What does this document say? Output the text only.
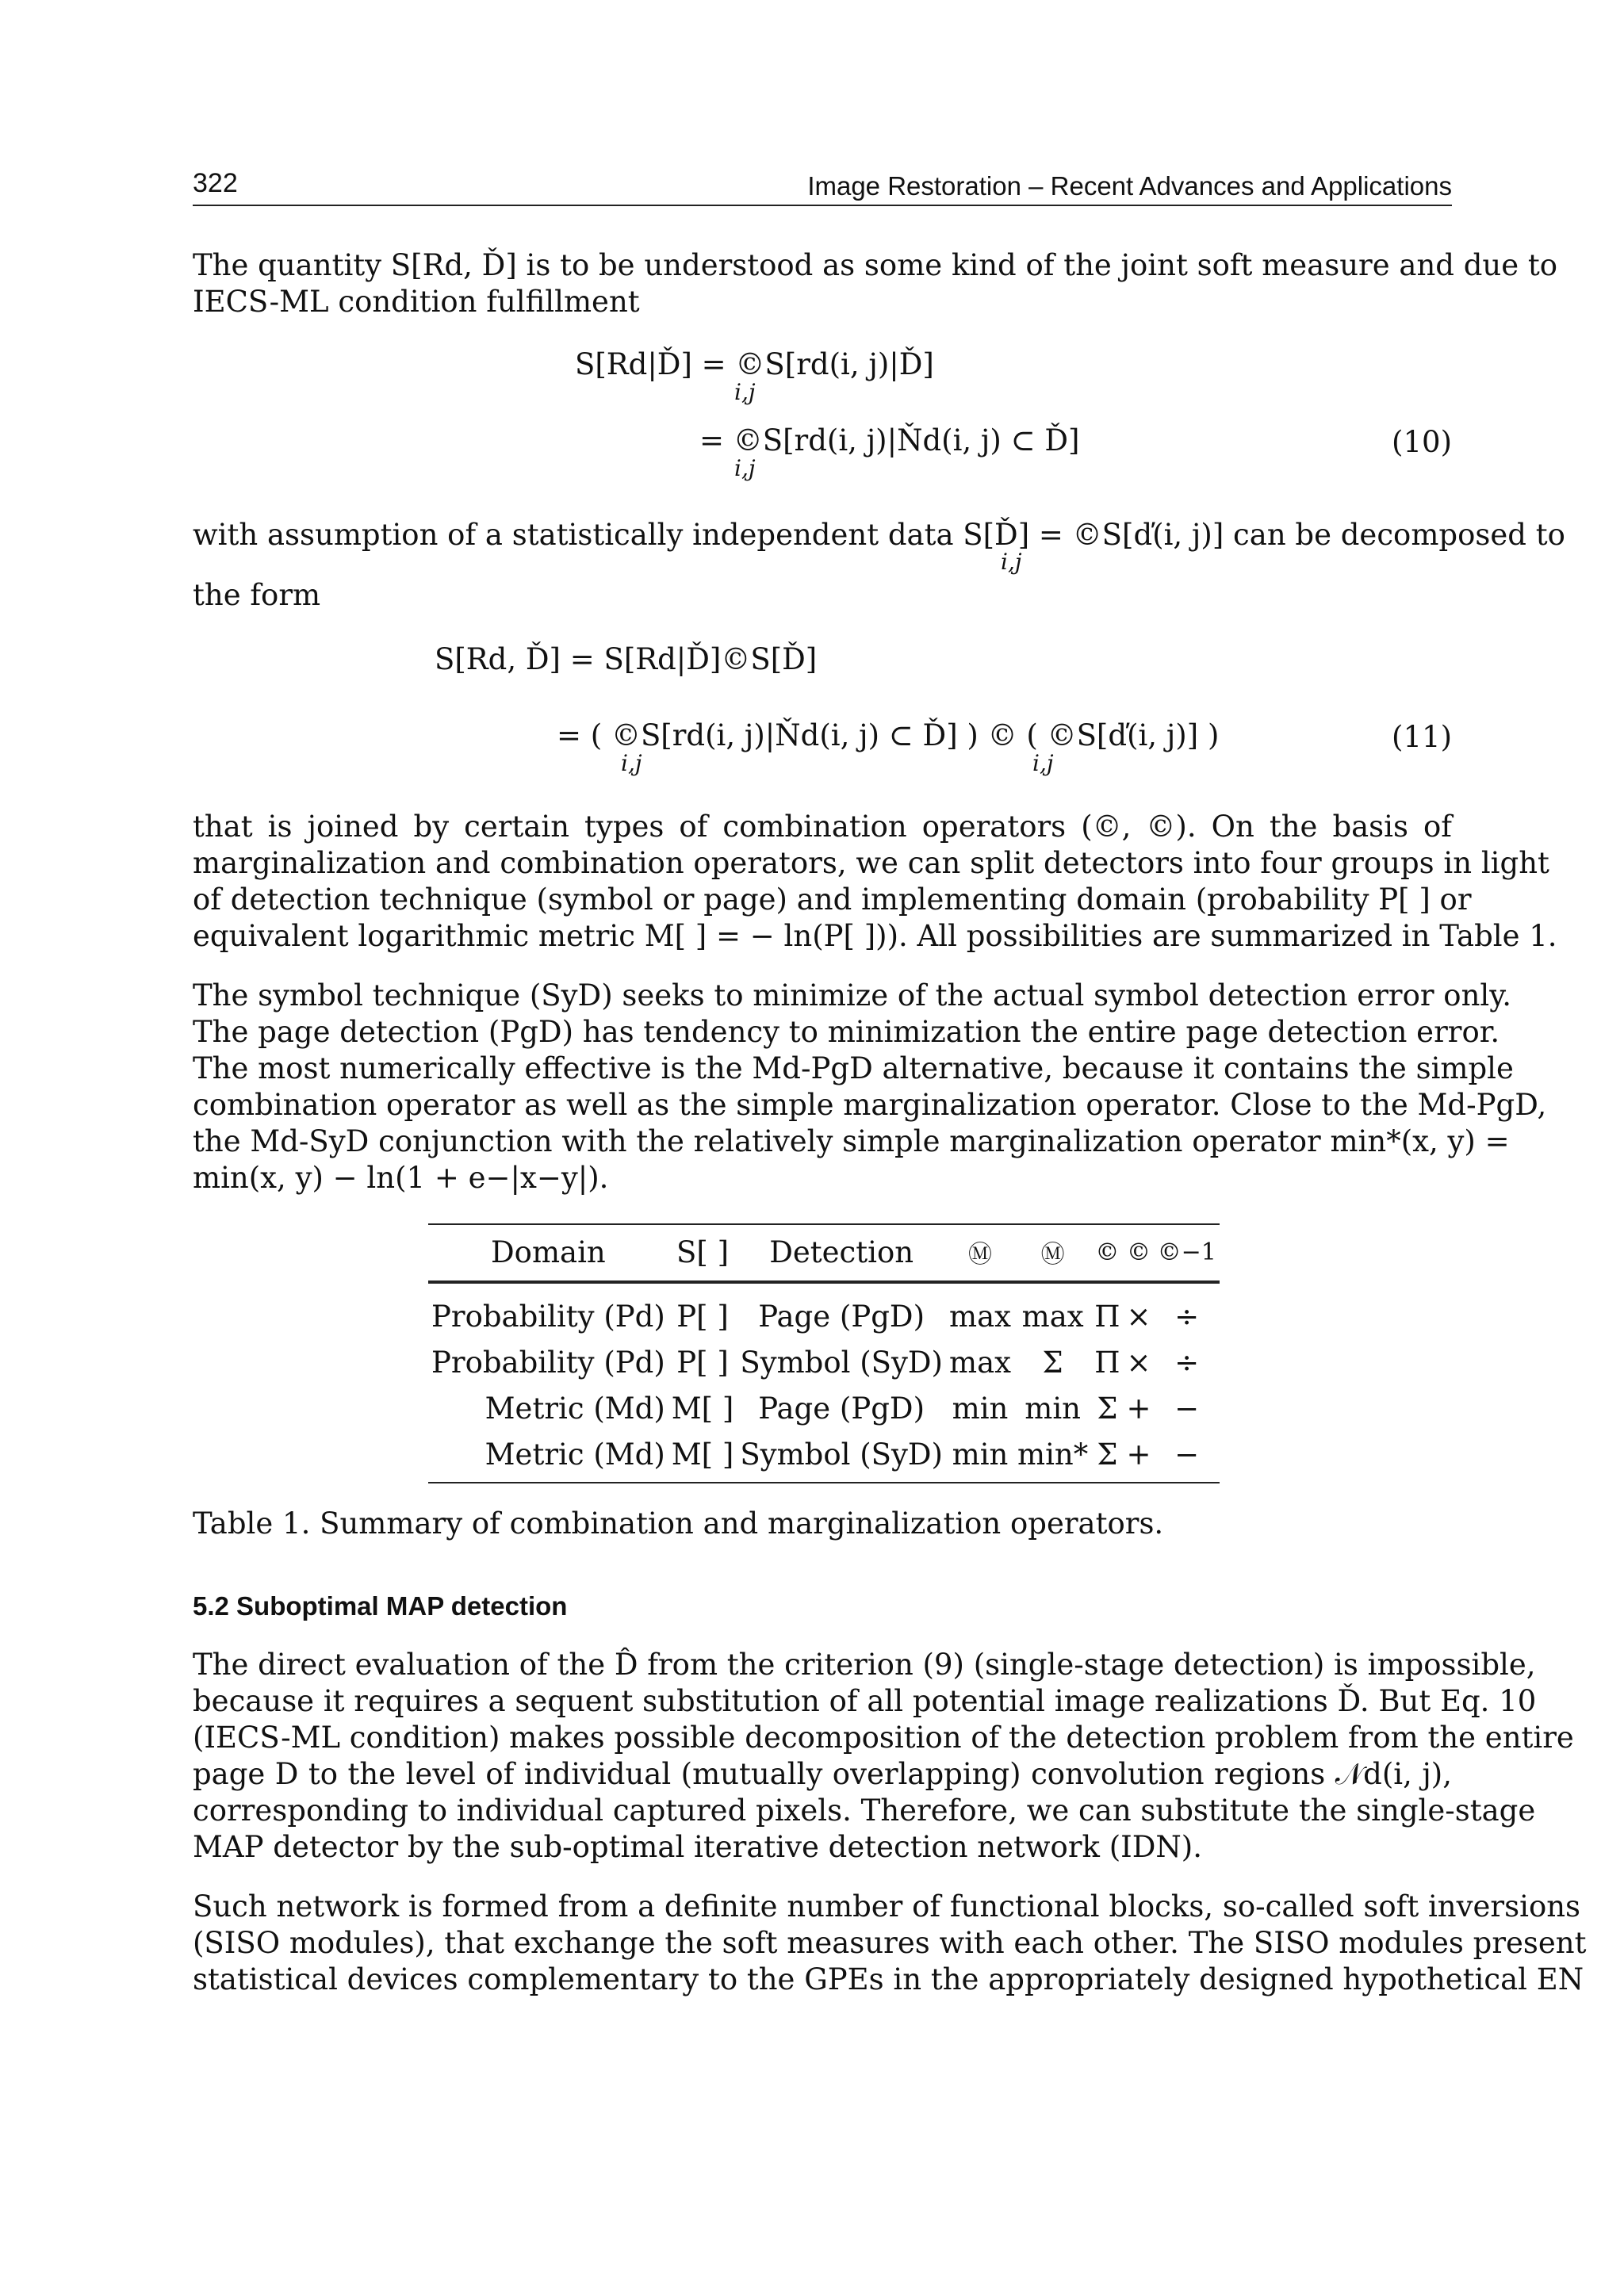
322	Image Restoration – Recent Advances and Applications
The quantity S[Rd, Ď] is to be understood as some kind of the joint soft measure and due to
IECS-ML condition fulfillment
S[Rd|Ď] = ©S[rd(i, j)|Ď]
i,j
= ©S[rd(i, j)|Ňd(i, j) ⊂ Ď]
i,j
(10)
with assumption of a statistically independent data S[Ď] = ©S[ď(i, j)] can be decomposed to
i,j
the form
S[Rd, Ď] = S[Rd|Ď]©S[Ď]
= ( ©S[rd(i, j)|Ňd(i, j) ⊂ Ď] ) © ( ©S[ď(i, j)] )
i,j	i,j
(11)
that is joined by certain types of combination operators (©, ©). On the basis of
marginalization and combination operators, we can split detectors into four groups in light
of detection technique (symbol or page) and implementing domain (probability P[ ] or
equivalent logarithmic metric M[ ] = − ln(P[ ])). All possibilities are summarized in Table 1.
The symbol technique (SyD) seeks to minimize of the actual symbol detection error only.
The page detection (PgD) has tendency to minimization the entire page detection error.
The most numerically effective is the Md-PgD alternative, because it contains the simple
combination operator as well as the simple marginalization operator. Close to the Md-PgD,
the Md-SyD conjunction with the relatively simple marginalization operator min*(x, y) =
min(x, y) − ln(1 + e−|x−y|).
Domain	S[ ]	Detection	Ⓜ	Ⓜ	©	©	©−1

Probability (Pd)	P[ ]	Page (PgD)	max	max	Π	×	÷
Probability (Pd)	P[ ]	Symbol (SyD)	max	Σ	Π	×	÷
Metric (Md)	M[ ]	Page (PgD)	min	min	Σ	+	−
Metric (Md)	M[ ]	Symbol (SyD)	min	min*	Σ	+	−
Table 1. Summary of combination and marginalization operators.
5.2 Suboptimal MAP detection
The direct evaluation of the D̂ from the criterion (9) (single-stage detection) is impossible,
because it requires a sequent substitution of all potential image realizations Ď. But Eq. 10
(IECS-ML condition) makes possible decomposition of the detection problem from the entire
page D to the level of individual (mutually overlapping) convolution regions 𝒩d(i, j),
corresponding to individual captured pixels. Therefore, we can substitute the single-stage
MAP detector by the sub-optimal iterative detection network (IDN).
Such network is formed from a definite number of functional blocks, so-called soft inversions
(SISO modules), that exchange the soft measures with each other. The SISO modules present
statistical devices complementary to the GPEs in the appropriately designed hypothetical EN
